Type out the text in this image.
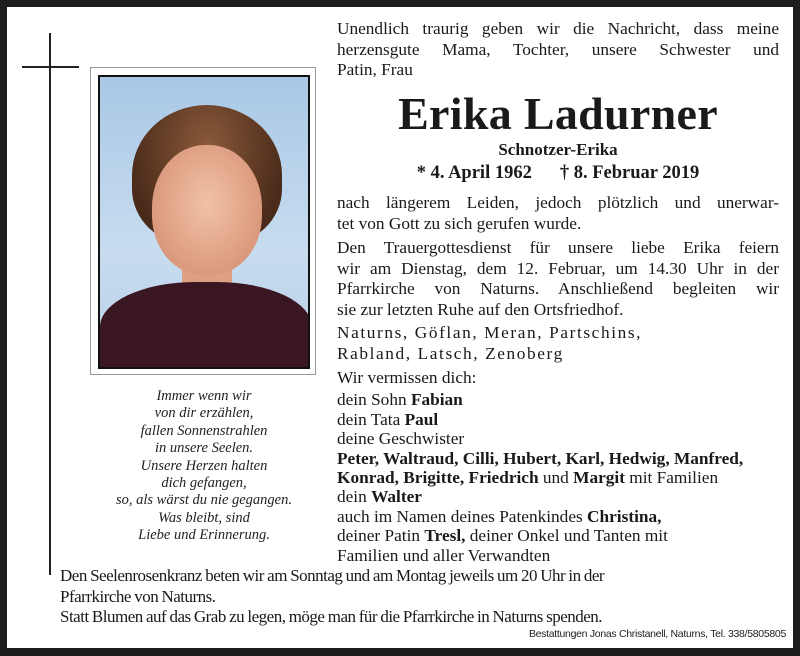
Immer wenn wir
von dir erzählen,
fallen Sonnenstrahlen
in unsere Seelen.
Unsere Herzen halten
dich gefangen,
so, als wärst du nie gegangen.
Was bleibt, sind
Liebe und Erinnerung.
Unendlich traurig geben wir die Nachricht, dass meine
herzensgute Mama, Tochter, unsere Schwester und
Patin, Frau
Erika Ladurner
Schnotzer-Erika
* 4. April 1962 † 8. Februar 2019
nach längerem Leiden, jedoch plötzlich und unerwar-
tet von Gott zu sich gerufen wurde.
Den Trauergottesdienst für unsere liebe Erika feiern
wir am Dienstag, dem 12. Februar, um 14.30 Uhr in der
Pfarrkirche von Naturns. Anschließend begleiten wir
sie zur letzten Ruhe auf den Ortsfriedhof.
Naturns, Göflan, Meran, Partschins,
Rabland, Latsch, Zenoberg
Wir vermissen dich:
dein Sohn Fabian
dein Tata Paul
deine Geschwister
Peter, Waltraud, Cilli, Hubert, Karl, Hedwig, Manfred,
Konrad, Brigitte, Friedrich und Margit mit Familien
dein Walter
auch im Namen deines Patenkindes Christina,
deiner Patin Tresl, deiner Onkel und Tanten mit
Familien und aller Verwandten
Den Seelenrosenkranz beten wir am Sonntag und am Montag jeweils um 20 Uhr in der
Pfarrkirche von Naturns.
Statt Blumen auf das Grab zu legen, möge man für die Pfarrkirche in Naturns spenden.
Bestattungen Jonas Christanell, Naturns, Tel. 338/5805805
